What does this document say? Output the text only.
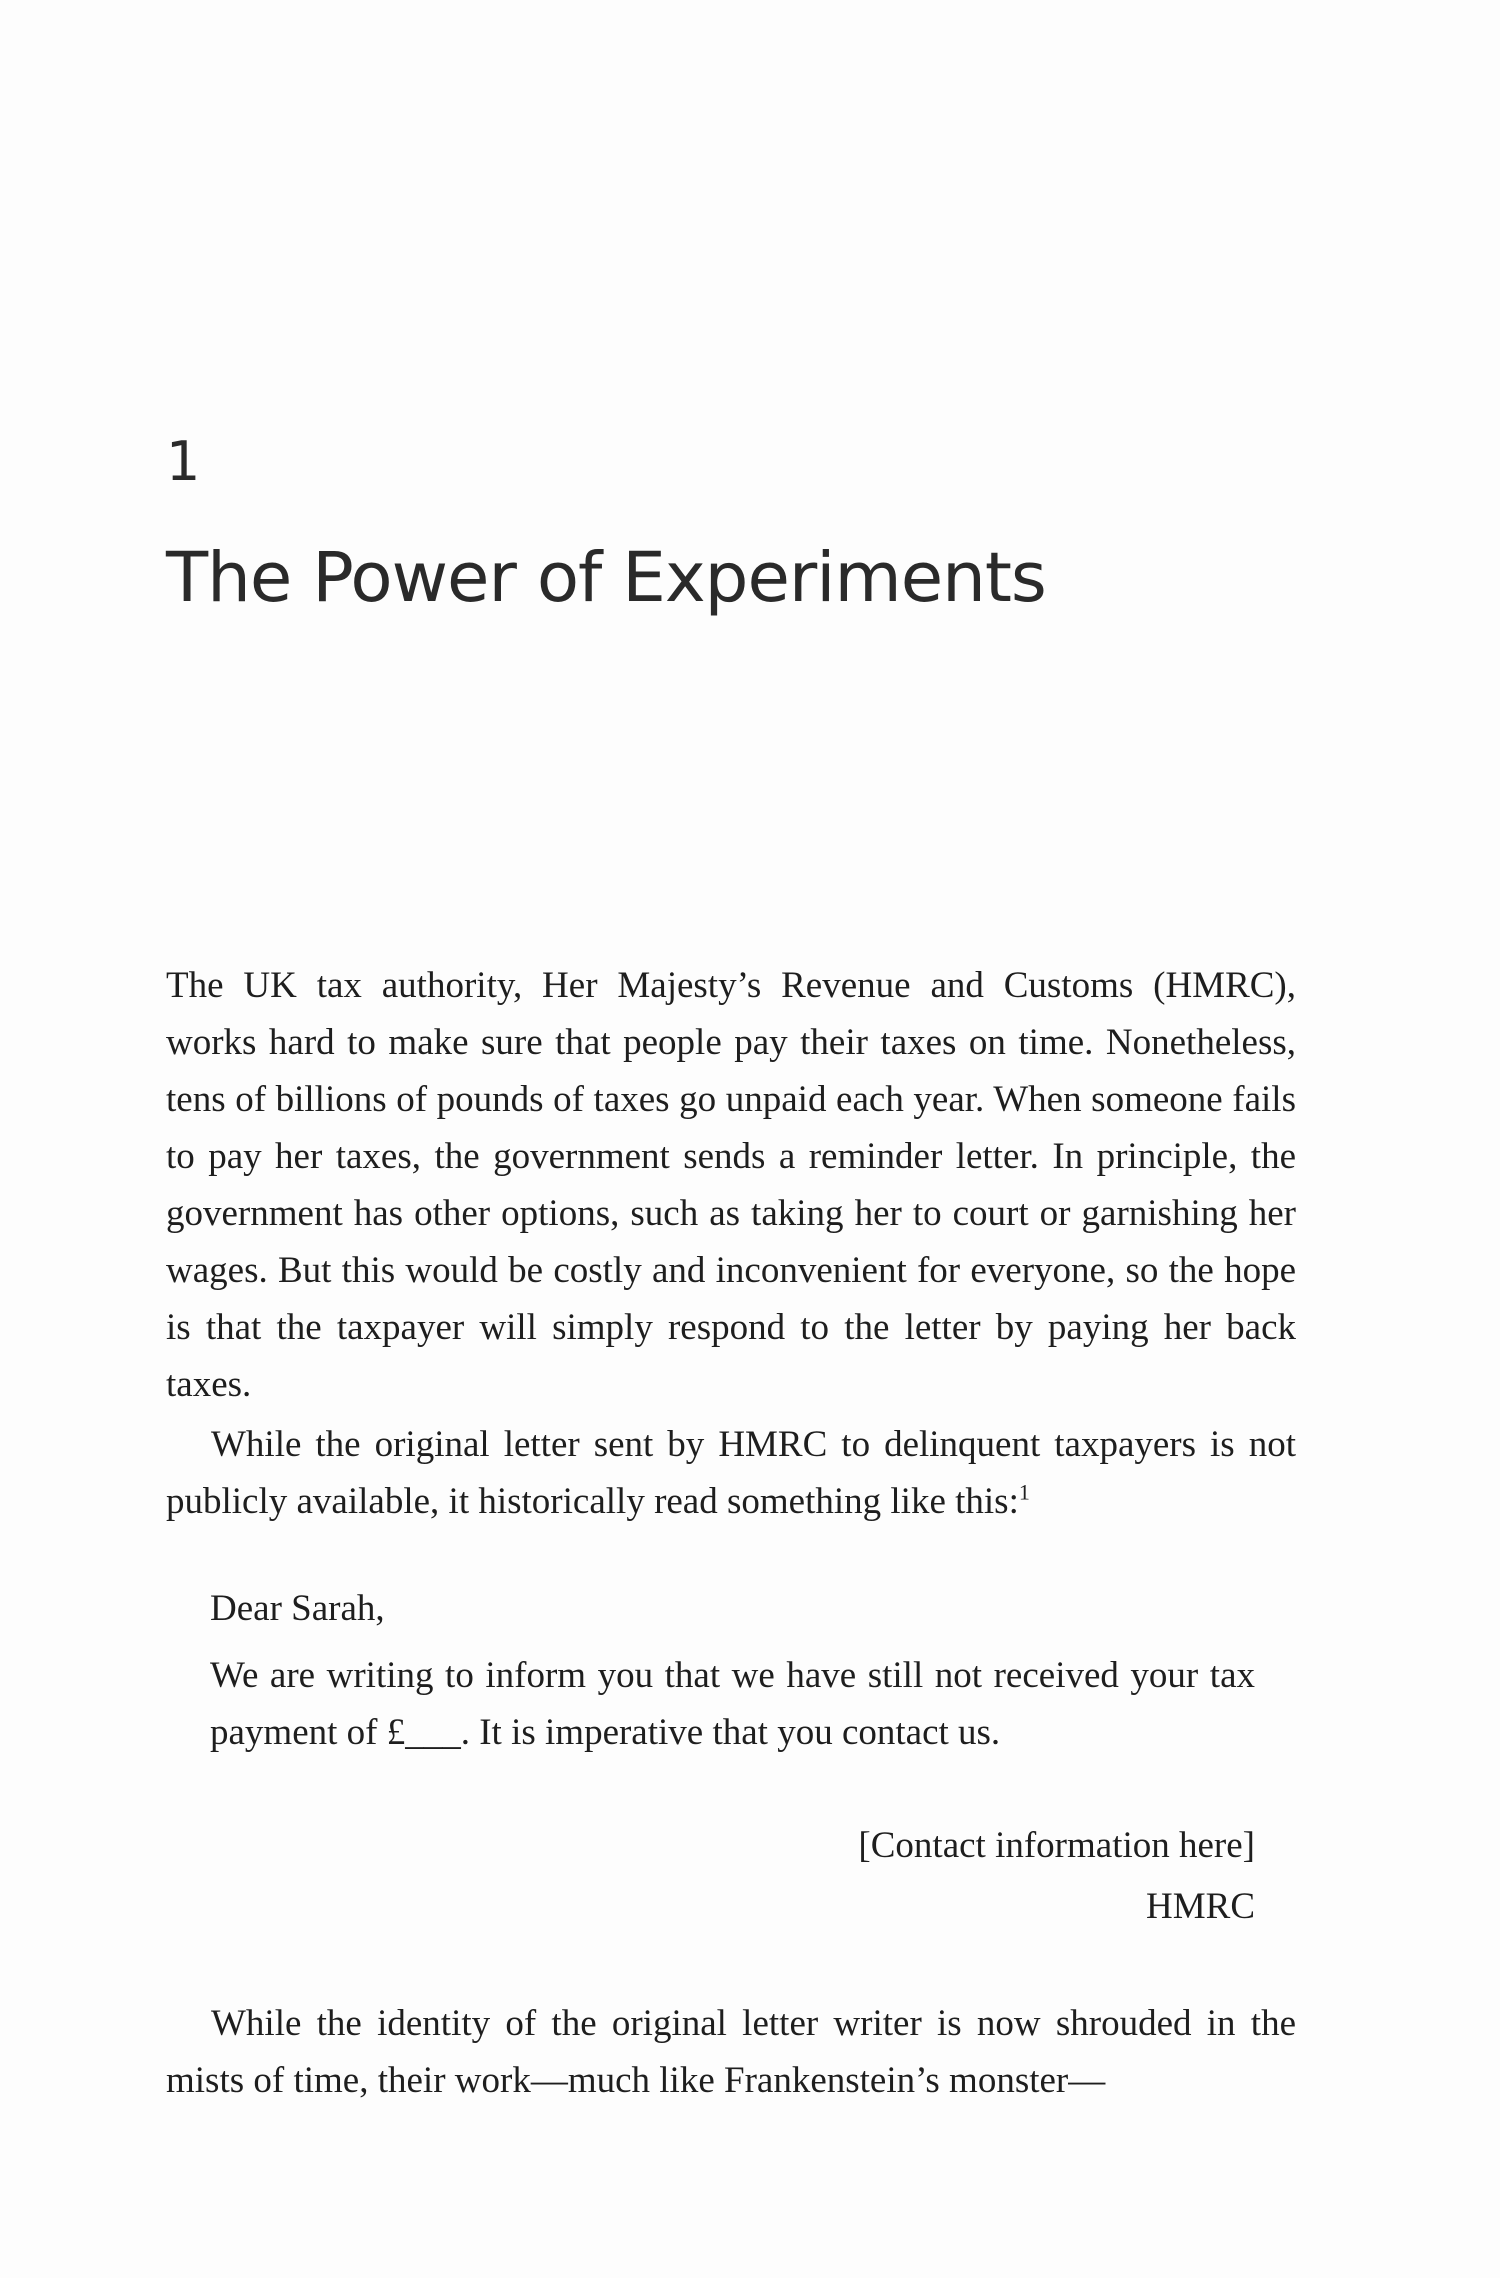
1
The Power of Experiments

The UK tax authority, Her Majesty’s Revenue and Customs (HMRC), works hard to make sure that people pay their taxes on time. Nonetheless, tens of billions of pounds of taxes go unpaid each year. When someone fails to pay her taxes, the government sends a reminder letter. In principle, the government has other options, such as taking her to court or garnishing her wages. But this would be costly and inconvenient for everyone, so the hope is that the taxpayer will simply respond to the letter by paying her back taxes.

While the original letter sent by HMRC to delinquent taxpayers is not publicly available, it historically read something like this:$^1$

Dear Sarah,
We are writing to inform you that we have still not received your tax payment of £___. It is imperative that you contact us.
[Contact information here]
HMRC

While the identity of the original letter writer is now shrouded in the mists of time, their work—much like Frankenstein’s monster—
